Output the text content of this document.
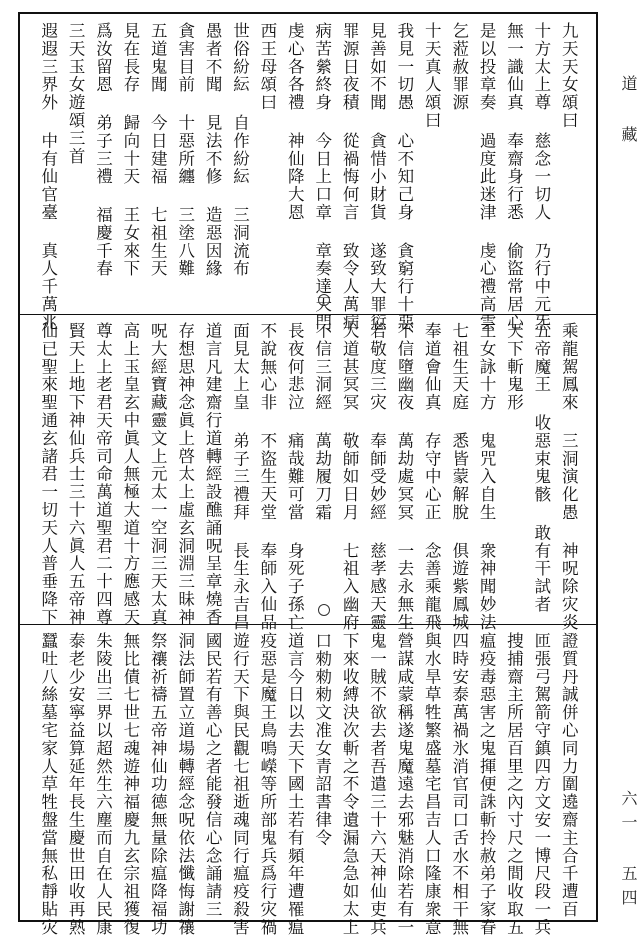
九天天女頌曰
十方太上尊 慈念一切人 乃行中元炁
無一識仙真 奉齋身行悉 偷盜常居心
是以投章奏 過度此迷津 虔心禮高雲
乞蒞赦罪源
十天真人頌曰
我見一切愚 心不知己身 貪窮行十惡
見善如不聞 貪惜小財貨 遂致大罪愆
罪源日夜積 從禍悔何言 致令人萬病
病苦縈終身 今日上口章 章奏達天門
虔心各各禮 神仙降大恩
西王母頌曰
世俗紛紜 自作紛紜 三洞流布
愚者不聞 見法不修 造惡因緣
貪害目前 十惡所纏 三塗八難
五道鬼聞 今日建福 七祖生天
見在長存 歸向十天 王女來下
爲汝留恩 弟子三禮 福慶千春
三天玉女遊頌三首
遐遐三界外 中有仙官臺 真人千萬兆
乘龍駕鳳來 三洞演化愚 神呪除灾炎
五帝魔王 收惡束鬼骸 敢有干試者
天下斬鬼形
王女詠十方 鬼咒入自生 衆神聞妙法
七祖生天庭 悉皆蒙解脫 俱遊紫鳳城
奉道會仙真 存守中心正 念善乘龍飛
不信墮幽夜 萬劫處冥冥 一去永無生
若敬度三灾 奉師受妙經 慈孝感天靈
大道甚冥冥 敬師如日月 七祖入幽府
不信三洞經 萬劫履刀霜
長夜何悲泣 痛哉難可當 身死子孫亡
不說無心非 不盜生天堂 奉師入仙品
面見太上皇 弟子三禮拜 長生永吉昌
道言凡建齋行道轉經設醮誦呪呈章燒香
存想思神念眞上啓太上虛玄洞淵三昧神
呪大經寶藏靈文上元太一空洞三天太真
高上玉皇玄中眞人無極大道十方應感天
尊太上老君天帝司命萬道聖君二十四尊
賢天上地下神仙兵士三十六眞人五帝神
仙已聖來聖通玄諸君一切天人普垂降下
證質丹誠併心同力圍遶齋主合千遭百
匝張弓駕箭守鎮四方文安一博尺段一兵
捜捕齋主所居百里之內寸尺之間收取五
瘟疫毒惡害之鬼揮便誅斬拎赦弟子家眷
四時安泰萬禍氷消官司口舌水不相干無
與水旱草牲繁盛墓宅昌吉人口隆康衆意
營謀咸蒙稱遂鬼魔遠去邪魅消除若有一
鬼一賊不欲去者吾遣三十六天神仙吏兵
下來收縛決次斬之不令遺漏急急如太上
口勑勑勑文准女青詔書律令
道言今日以去天下國土若有頻年遭罹瘟
疫惡是魔王鳥鳴嶸等所部鬼兵爲行灾禍
遊行天下與民觀七祖逝魂同行瘟疫殺害
國民若有善心之者能發信心念誦請三
洞法師置立道場轉經念呪依法懺悔謝禳
祭禳祈禱五帝神仙功德無量除瘟降福功
無比債七世七魂遊神福慶九玄宗祖獲復
朱陵出三界以超然生六塵而自在人民康
泰老少安寧益算延年長生慶世田收再熟
蠶吐八絲墓宅家人草牲盤當無私靜貼灾
道 藏
六一 五四
